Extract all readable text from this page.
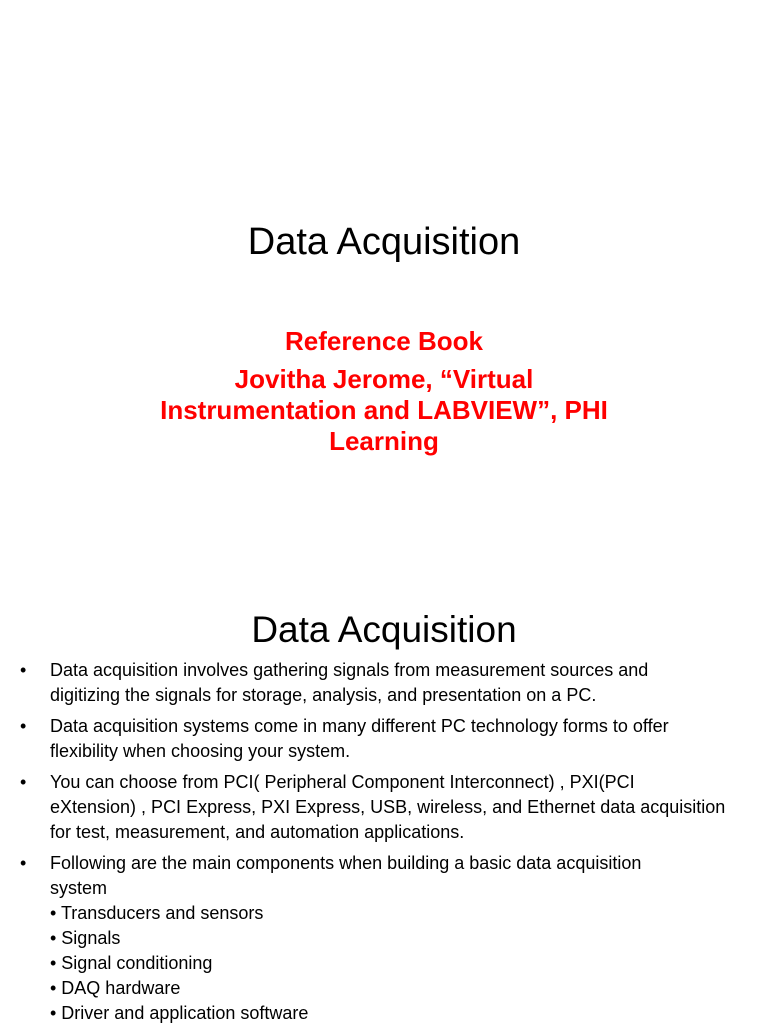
Data Acquisition
Reference Book
Jovitha Jerome, “Virtual
Instrumentation and LABVIEW”, PHI
Learning
Data Acquisition
• Data acquisition involves gathering signals from measurement sources and
digitizing the signals for storage, analysis, and presentation on a PC.
• Data acquisition systems come in many different PC technology forms to offer
flexibility when choosing your system.
• You can choose from PCI( Peripheral Component Interconnect) , PXI(PCI
eXtension) , PCI Express, PXI Express, USB, wireless, and Ethernet data acquisition
for test, measurement, and automation applications.
• Following are the main components when building a basic data acquisition
system
• Transducers and sensors
• Signals
• Signal conditioning
• DAQ hardware
• Driver and application software
